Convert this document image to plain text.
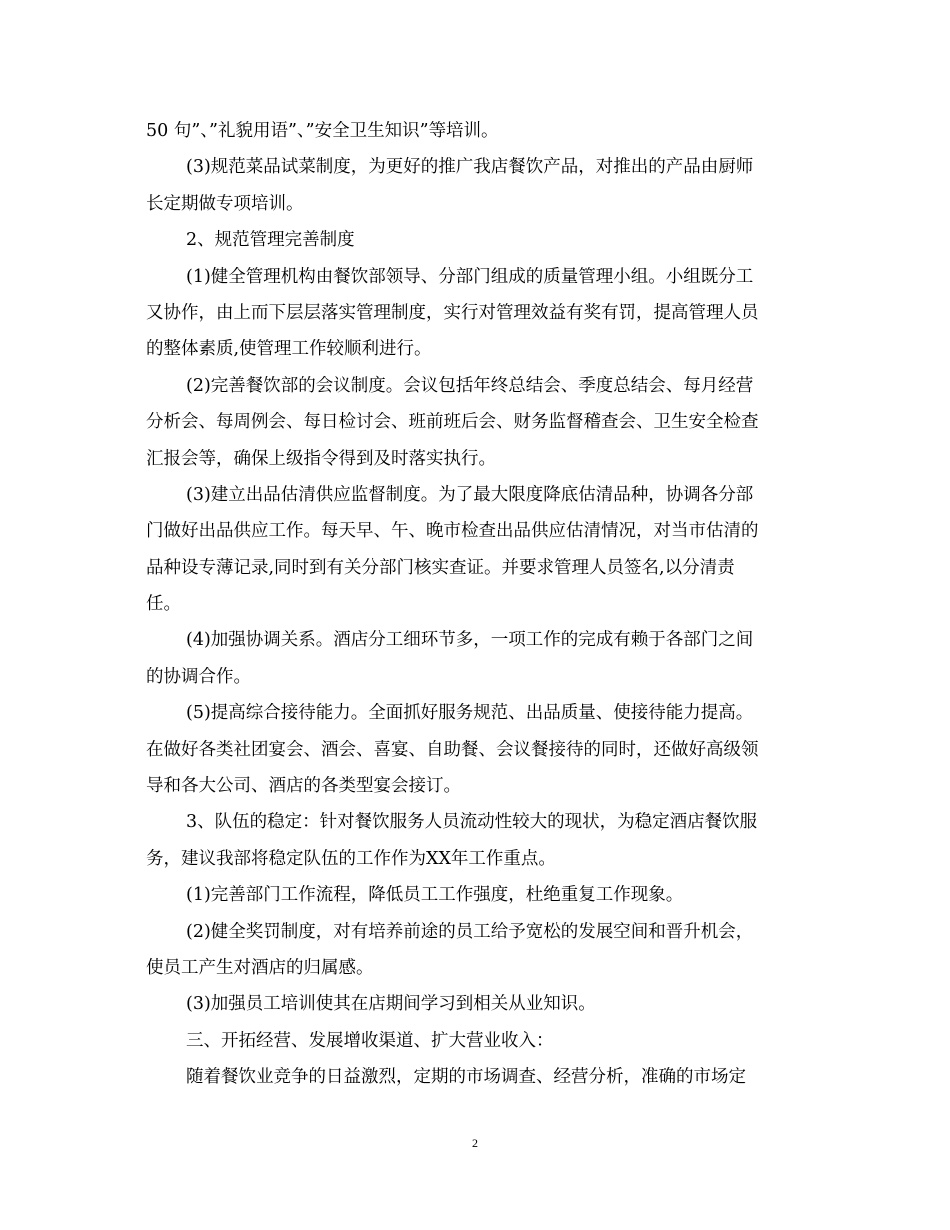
50 句”、”礼貌用语”、”安全卫生知识”等培训。
(3)规范菜品试菜制度，为更好的推广我店餐饮产品，对推出的产品由厨师
长定期做专项培训。
2、规范管理完善制度
(1)健全管理机构由餐饮部领导、分部门组成的质量管理小组。小组既分工
又协作，由上而下层层落实管理制度，实行对管理效益有奖有罚，提高管理人员
的整体素质,使管理工作较顺利进行。
(2)完善餐饮部的会议制度。会议包括年终总结会、季度总结会、每月经营
分析会、每周例会、每日检讨会、班前班后会、财务监督稽查会、卫生安全检查
汇报会等，确保上级指令得到及时落实执行。
(3)建立出品估清供应监督制度。为了最大限度降底估清品种，协调各分部
门做好出品供应工作。每天早、午、晚市检查出品供应估清情况，对当市估清的
品种设专薄记录,同时到有关分部门核实查证。并要求管理人员签名,以分清责
任。
(4)加强协调关系。酒店分工细环节多，一项工作的完成有赖于各部门之间
的协调合作。
(5)提高综合接待能力。全面抓好服务规范、出品质量、使接待能力提高。
在做好各类社团宴会、酒会、喜宴、自助餐、会议餐接待的同时，还做好高级领
导和各大公司、酒店的各类型宴会接订。
3、队伍的稳定：针对餐饮服务人员流动性较大的现状，为稳定酒店餐饮服
务，建议我部将稳定队伍的工作作为XX年工作重点。
(1)完善部门工作流程，降低员工工作强度，杜绝重复工作现象。
(2)健全奖罚制度，对有培养前途的员工给予宽松的发展空间和晋升机会，
使员工产生对酒店的归属感。
(3)加强员工培训使其在店期间学习到相关从业知识。
三、开拓经营、发展增收渠道、扩大营业收入：
随着餐饮业竞争的日益激烈，定期的市场调查、经营分析，准确的市场定
2
